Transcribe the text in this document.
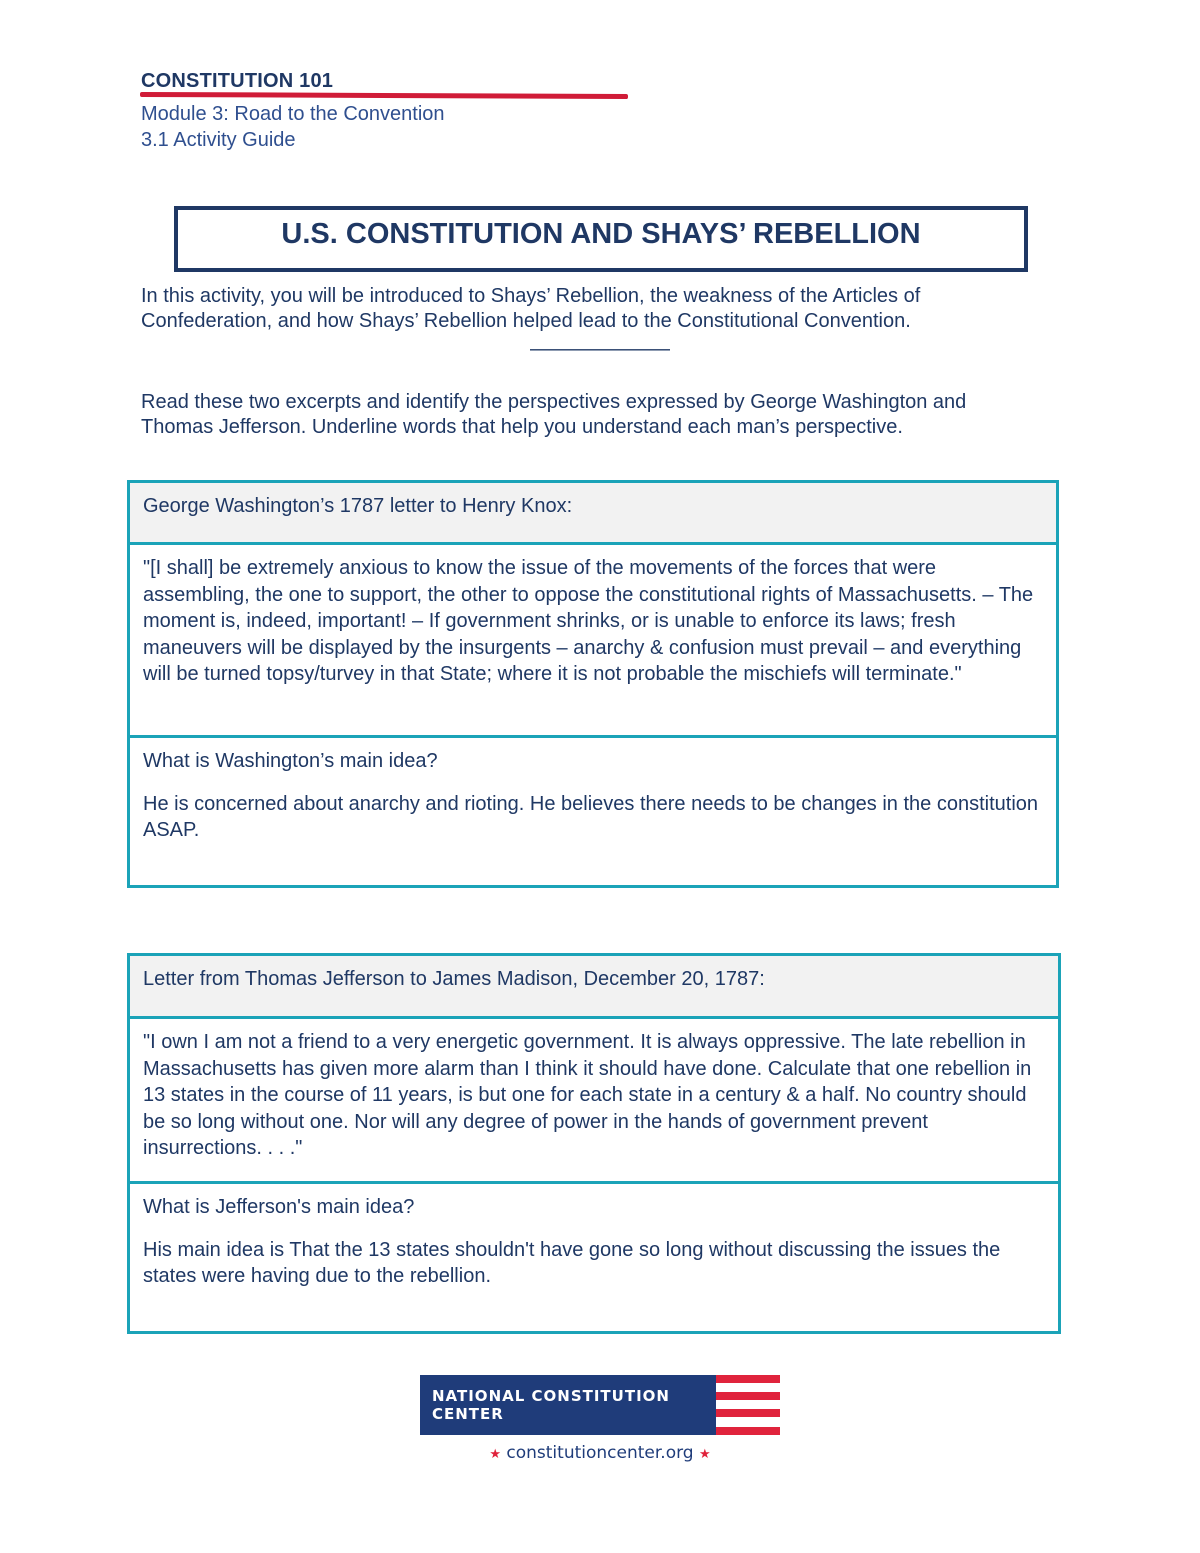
CONSTITUTION 101
Module 3: Road to the Convention
3.1 Activity Guide
U.S. CONSTITUTION AND SHAYS’ REBELLION
In this activity, you will be introduced to Shays’ Rebellion, the weakness of the Articles of Confederation, and how Shays’ Rebellion helped lead to the Constitutional Convention.
———————
Read these two excerpts and identify the perspectives expressed by George Washington and Thomas Jefferson. Underline words that help you understand each man’s perspective.

George Washington’s 1787 letter to Henry Knox:

"[I shall] be extremely anxious to know the issue of the movements of the forces that were assembling, the one to support, the other to oppose the constitutional rights of Massachusetts. – The moment is, indeed, important! – If government shrinks, or is unable to enforce its laws; fresh maneuvers will be displayed by the insurgents – anarchy & confusion must prevail – and everything will be turned topsy/turvey in that State; where it is not probable the mischiefs will terminate."

What is Washington’s main idea?

He is concerned about anarchy and rioting. He believes there needs to be changes in the constitution ASAP.

Letter from Thomas Jefferson to James Madison, December 20, 1787:

"I own I am not a friend to a very energetic government. It is always oppressive. The late rebellion in Massachusetts has given more alarm than I think it should have done. Calculate that one rebellion in 13 states in the course of 11 years, is but one for each state in a century & a half. No country should be so long without one. Nor will any degree of power in the hands of government prevent insurrections. . . ."

What is Jefferson's main idea?

His main idea is That the 13 states shouldn't have gone so long without discussing the issues the states were having due to the rebellion.

NATIONAL CONSTITUTION CENTER
★ constitutioncenter.org ★
